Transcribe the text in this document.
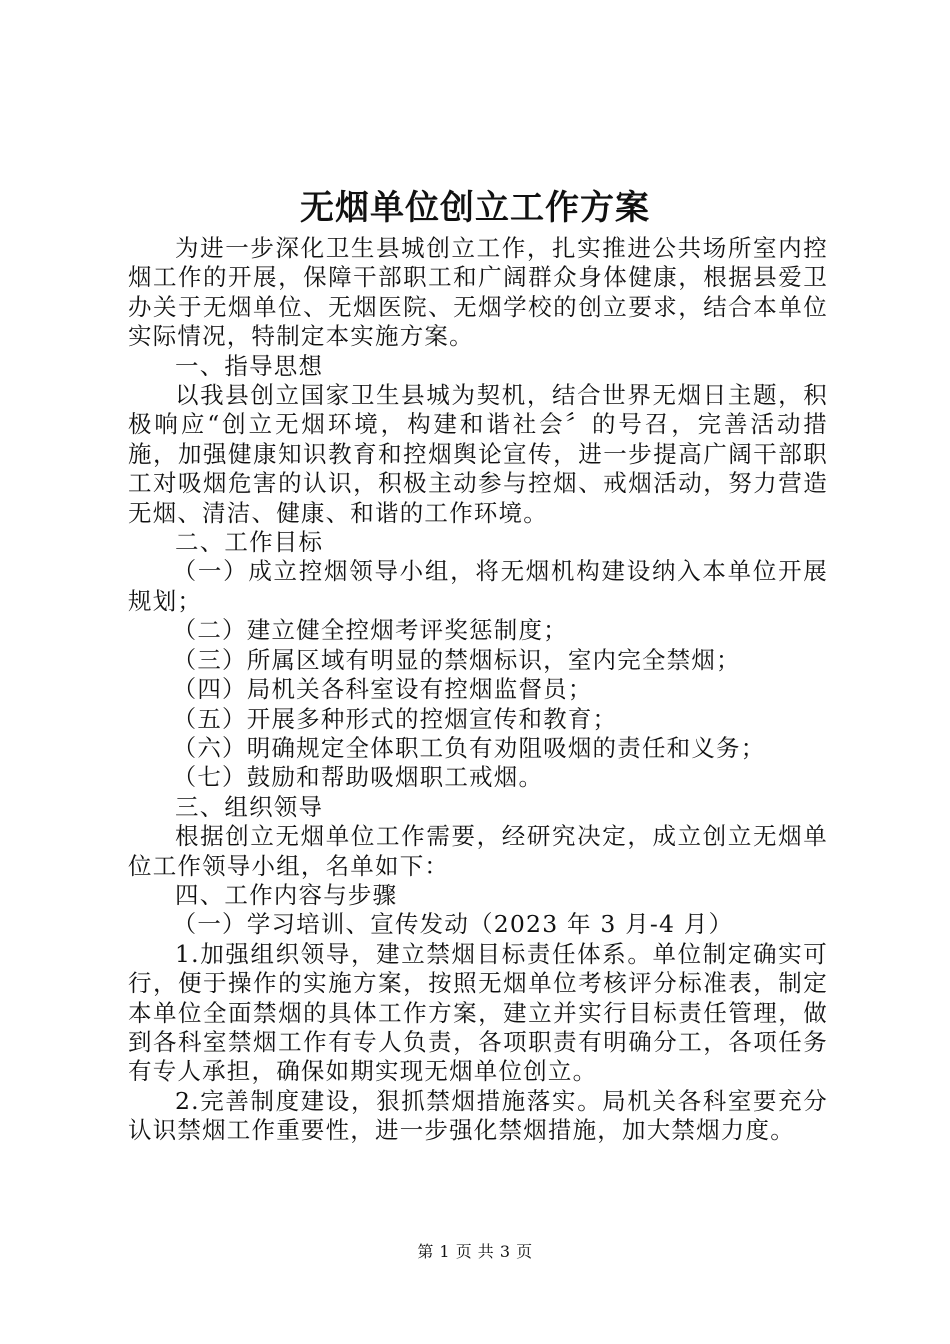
无烟单位创立工作方案

为进一步深化卫生县城创立工作，扎实推进公共场所室内控烟工作的开展，保障干部职工和广阔群众身体健康，根据县爱卫办关于无烟单位、无烟医院、无烟学校的创立要求，结合本单位实际情况，特制定本实施方案。

一、指导思想

以我县创立国家卫生县城为契机，结合世界无烟日主题，积极响应“创立无烟环境，构建和谐社会〞的号召，完善活动措施，加强健康知识教育和控烟舆论宣传，进一步提高广阔干部职工对吸烟危害的认识，积极主动参与控烟、戒烟活动，努力营造无烟、清洁、健康、和谐的工作环境。

二、工作目标

（一）成立控烟领导小组，将无烟机构建设纳入本单位开展规划；

（二）建立健全控烟考评奖惩制度；

（三）所属区域有明显的禁烟标识，室内完全禁烟；

（四）局机关各科室设有控烟监督员；

（五）开展多种形式的控烟宣传和教育；

（六）明确规定全体职工负有劝阻吸烟的责任和义务；

（七）鼓励和帮助吸烟职工戒烟。

三、组织领导

根据创立无烟单位工作需要，经研究决定，成立创立无烟单位工作领导小组，名单如下：

四、工作内容与步骤

（一）学习培训、宣传发动（2023 年 3 月-4 月）

1.加强组织领导，建立禁烟目标责任体系。单位制定确实可行，便于操作的实施方案，按照无烟单位考核评分标准表，制定本单位全面禁烟的具体工作方案，建立并实行目标责任管理，做到各科室禁烟工作有专人负责，各项职责有明确分工，各项任务有专人承担，确保如期实现无烟单位创立。

2.完善制度建设，狠抓禁烟措施落实。局机关各科室要充分认识禁烟工作重要性，进一步强化禁烟措施，加大禁烟力度。

第 1 页 共 3 页
